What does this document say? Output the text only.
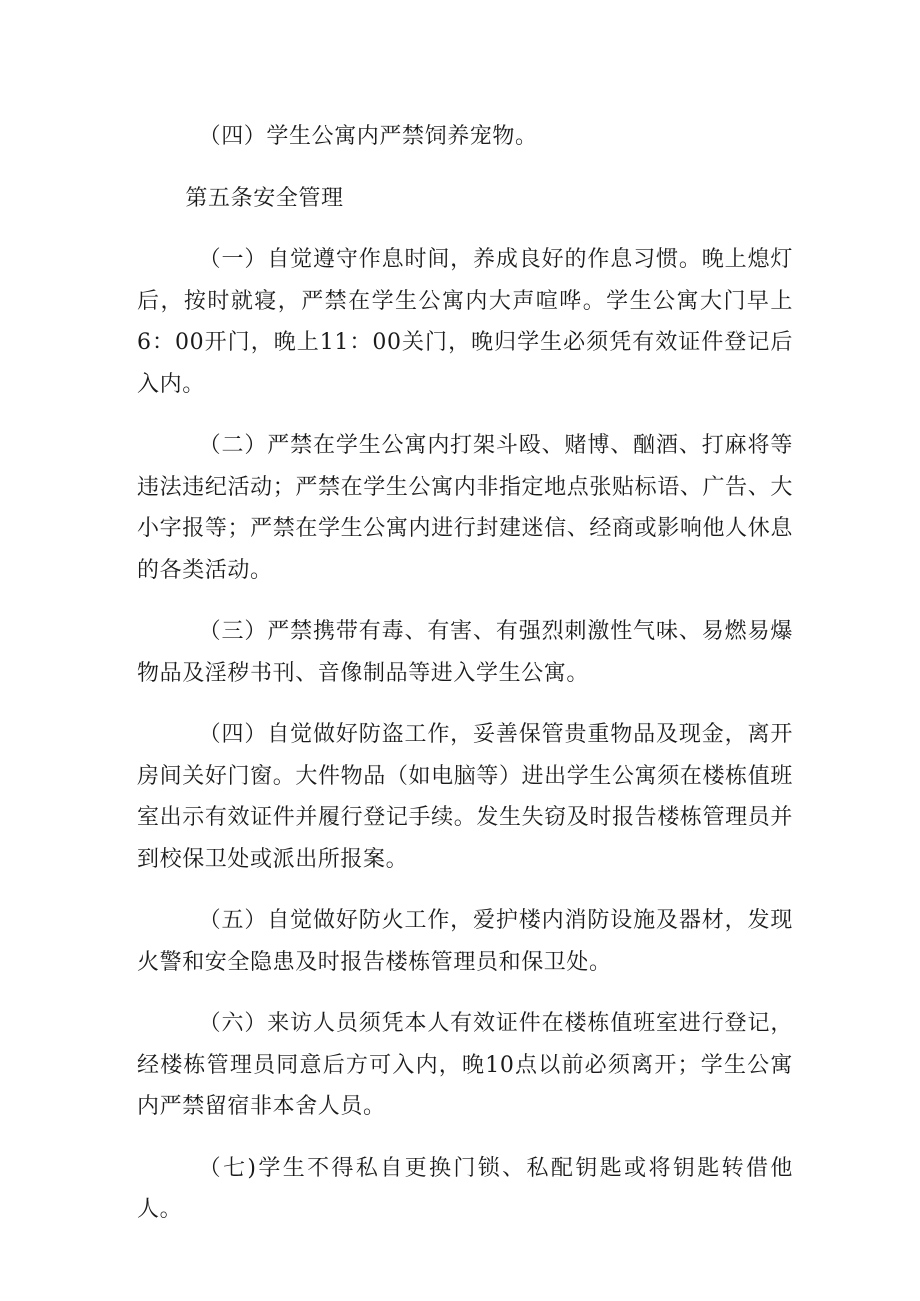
（四）学生公寓内严禁饲养宠物。

第五条安全管理

（一）自觉遵守作息时间，养成良好的作息习惯。晚上熄灯后，按时就寝，严禁在学生公寓内大声喧哗。学生公寓大门早上6：00开门，晚上11：00关门，晚归学生必须凭有效证件登记后入内。

（二）严禁在学生公寓内打架斗殴、赌博、酗酒、打麻将等违法违纪活动；严禁在学生公寓内非指定地点张贴标语、广告、大小字报等；严禁在学生公寓内进行封建迷信、经商或影响他人休息的各类活动。

（三）严禁携带有毒、有害、有强烈刺激性气味、易燃易爆物品及淫秽书刊、音像制品等进入学生公寓。

（四）自觉做好防盗工作，妥善保管贵重物品及现金，离开房间关好门窗。大件物品（如电脑等）进出学生公寓须在楼栋值班室出示有效证件并履行登记手续。发生失窃及时报告楼栋管理员并到校保卫处或派出所报案。

（五）自觉做好防火工作，爱护楼内消防设施及器材，发现火警和安全隐患及时报告楼栋管理员和保卫处。

（六）来访人员须凭本人有效证件在楼栋值班室进行登记，经楼栋管理员同意后方可入内，晚10点以前必须离开；学生公寓内严禁留宿非本舍人员。

（七)学生不得私自更换门锁、私配钥匙或将钥匙转借他人。
